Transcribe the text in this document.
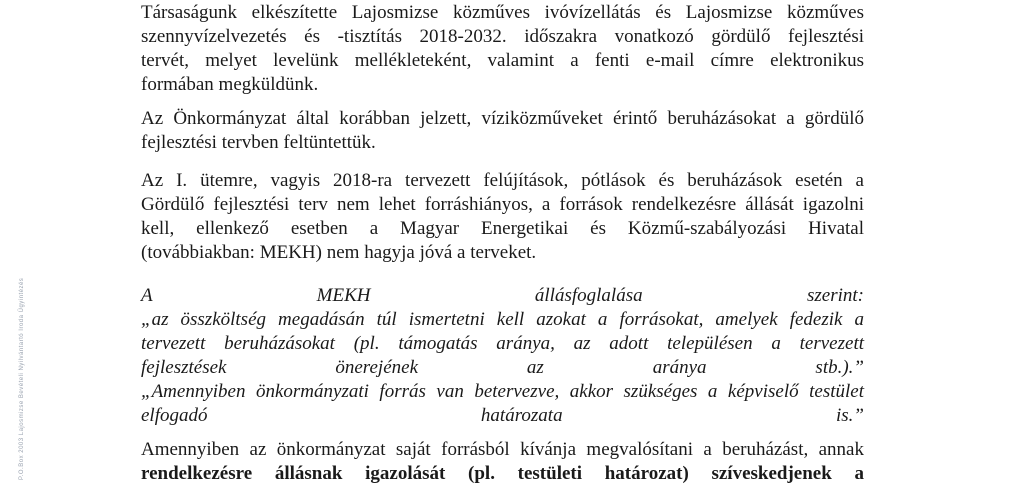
P.O.Box 2003 Lajosmizse Bevételi Nyilvántartó Iroda Ügyintézés
Társaságunk elkészítette Lajosmizse közműves ivóvízellátás és Lajosmizse közműves
szennyvízelvezetés és -tisztítás 2018-2032. időszakra vonatkozó gördülő fejlesztési
tervét, melyet levelünk mellékleteként, valamint a fenti e-mail címre elektronikus
formában megküldünk.
Az Önkormányzat által korábban jelzett, víziközműveket érintő beruházásokat a gördülő
fejlesztési tervben feltüntettük.
Az I. ütemre, vagyis 2018-ra tervezett felújítások, pótlások és beruházások esetén a
Gördülő fejlesztési terv nem lehet forráshiányos, a források rendelkezésre állását igazolni
kell, ellenkező esetben a Magyar Energetikai és Közmű-szabályozási Hivatal
(továbbiakban: MEKH) nem hagyja jóvá a terveket.
A MEKH állásfoglalása szerint:
„az összköltség megadásán túl ismertetni kell azokat a forrásokat, amelyek fedezik a
tervezett beruházásokat (pl. támogatás aránya, az adott településen a tervezett
fejlesztések önerejének az aránya stb.).”
„Amennyiben önkormányzati forrás van betervezve, akkor szükséges a képviselő testület
elfogadó határozata is.”
Amennyiben az önkormányzat saját forrásból kívánja megvalósítani a beruházást, annak
rendelkezésre állásnak igazolását (pl. testületi határozat) szíveskedjenek a
